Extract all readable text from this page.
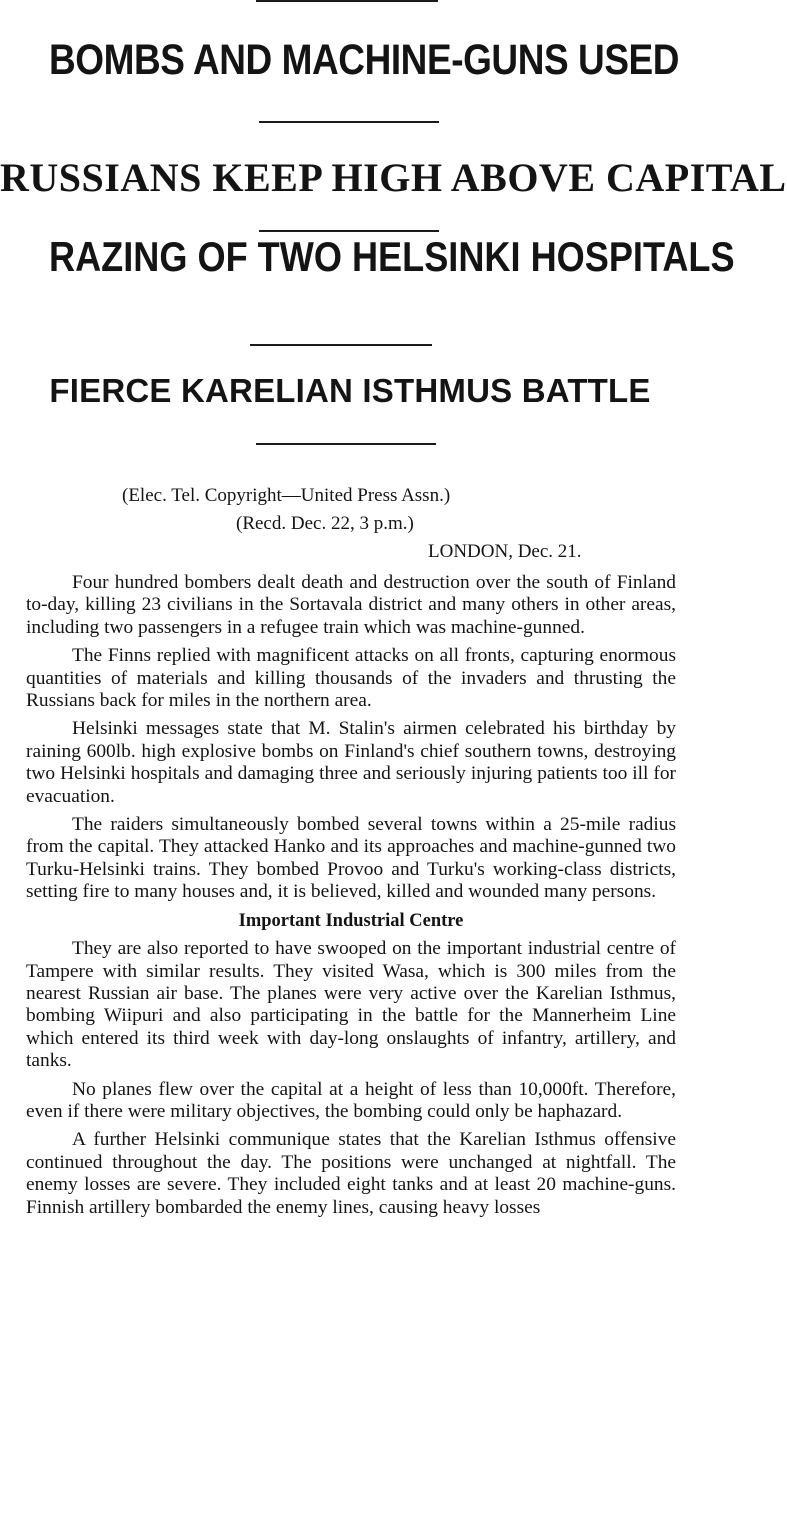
BOMBS AND MACHINE-GUNS USED
RUSSIANS KEEP HIGH ABOVE CAPITAL
RAZING OF TWO HELSINKI HOSPITALS
FIERCE KARELIAN ISTHMUS BATTLE
(Elec. Tel. Copyright—United Press Assn.)
(Recd. Dec. 22, 3 p.m.)
LONDON, Dec. 21.

Four hundred bombers dealt death and destruction over the south of Finland to-day, killing 23 civilians in the Sortavala district and many others in other areas, including two passengers in a refugee train which was machine-gunned.

The Finns replied with magnificent attacks on all fronts, capturing enormous quantities of materials and killing thousands of the invaders and thrusting the Russians back for miles in the northern area.

Helsinki messages state that M. Stalin's airmen celebrated his birthday by raining 600lb. high explosive bombs on Finland's chief southern towns, destroying two Helsinki hospitals and damaging three and seriously injuring patients too ill for evacuation.

The raiders simultaneously bombed several towns within a 25-mile radius from the capital. They attacked Hanko and its approaches and machine-gunned two Turku-Helsinki trains. They bombed Provoo and Turku's working-class districts, setting fire to many houses and, it is believed, killed and wounded many persons.

Important Industrial Centre

They are also reported to have swooped on the important industrial centre of Tampere with similar results. They visited Wasa, which is 300 miles from the nearest Russian air base. The planes were very active over the Karelian Isthmus, bombing Wiipuri and also participating in the battle for the Mannerheim Line which entered its third week with day-long onslaughts of infantry, artillery, and tanks.

No planes flew over the capital at a height of less than 10,000ft. Therefore, even if there were military objectives, the bombing could only be haphazard.

A further Helsinki communique states that the Karelian Isthmus offensive continued throughout the day. The positions were unchanged at nightfall. The enemy losses are severe. They included eight tanks and at least 20 machine-guns. Finnish artillery bombarded the enemy lines, causing heavy losses
